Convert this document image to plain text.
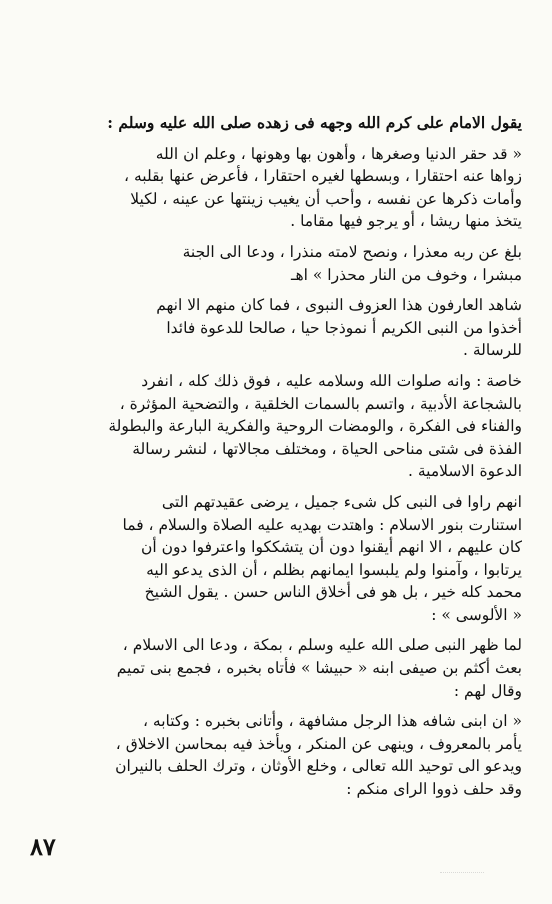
يقول الامام على كرم الله وجهه فى زهده صلى الله عليه وسلم :
« قد حقر الدنيا وصغرها ، وأهون بها وهونها ، وعلم ان الله
زواها عنه احتقارا ، وبسطها لغيره احتقارا ، فأعرض عنها بقلبه ،
وأمات ذكرها عن نفسه ، وأحب أن يغيب زينتها عن عينه ، لكيلا
يتخذ منها ريشا ، أو يرجو فيها مقاما .
بلغ عن ربه معذرا ، ونصح لامته منذرا ، ودعا الى الجنة
مبشرا ، وخوف من النار محذرا » اهـ
شاهد العارفون هذا العزوف النبوى ، فما كان منهم الا انهم
أخذوا من النبى الكريم أ نموذجا حيا ، صالحا للدعوة فائدا
للرسالة .
خاصة : وانه صلوات الله وسلامه عليه ، فوق ذلك كله ، انفرد
بالشجاعة الأدبية ، واتسم بالسمات الخلقية ، والتضحية المؤثرة ،
والفناء فى الفكرة ، والومضات الروحية والفكرية البارعة والبطولة
الفذة فى شتى مناحى الحياة ، ومختلف مجالاتها ، لنشر رسالة
الدعوة الاسلامية .
انهم راوا فى النبى كل شىء جميل ، يرضى عقيدتهم التى
استنارت بنور الاسلام : واهتدت بهديه عليه الصلاة والسلام ، فما
كان عليهم ، الا انهم أيقنوا دون أن يتشككوا واعترفوا دون أن
يرتابوا ، وآمنوا ولم يلبسوا ايمانهم بظلم ، أن الذى يدعو اليه
محمد كله خير ، بل هو فى أخلاق الناس حسن . يقول الشيخ
« الألوسى » :
لما ظهر النبى صلى الله عليه وسلم ، بمكة ، ودعا الى الاسلام ،
بعث أكثم بن صيفى ابنه « حبيشا » فأتاه بخبره ، فجمع بنى تميم
وقال لهم :
« ان ابنى شافه هذا الرجل مشافهة ، وأتانى بخبره : وكتابه ،
يأمر بالمعروف ، وينهى عن المنكر ، ويأخذ فيه بمحاسن الاخلاق ،
ويدعو الى توحيد الله تعالى ، وخلع الأوثان ، وترك الحلف بالنيران
وقد حلف ذووا الراى منكم :
٨٧
